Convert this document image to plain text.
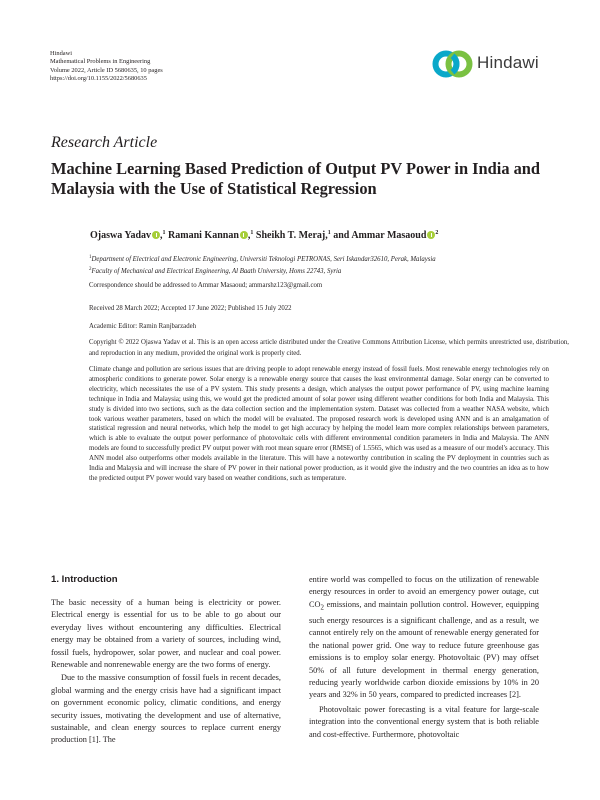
Hindawi
Mathematical Problems in Engineering
Volume 2022, Article ID 5680635, 10 pages
https://doi.org/10.1155/2022/5680635
Hindawi
Research Article
Machine Learning Based Prediction of Output PV Power in India and Malaysia with the Use of Statistical Regression
Ojaswa Yadav ,$^1$ Ramani Kannan ,$^1$ Sheikh T. Meraj,$^1$ and Ammar Masaoud $^2$
$^1$Department of Electrical and Electronic Engineering, Universiti Teknologi PETRONAS, Seri Iskandar32610, Perak, Malaysia
$^2$Faculty of Mechanical and Electrical Engineering, Al Baath University, Homs 22743, Syria
Correspondence should be addressed to Ammar Masaoud; ammarshz123@gmail.com
Received 28 March 2022; Accepted 17 June 2022; Published 15 July 2022
Academic Editor: Ramin Ranjbarzadeh
Copyright © 2022 Ojaswa Yadav et al. This is an open access article distributed under the Creative Commons Attribution License, which permits unrestricted use, distribution, and reproduction in any medium, provided the original work is properly cited.

Climate change and pollution are serious issues that are driving people to adopt renewable energy instead of fossil fuels. Most renewable energy technologies rely on atmospheric conditions to generate power. Solar energy is a renewable energy source that causes the least environmental damage. Solar energy can be converted to electricity, which necessitates the use of a PV system. This study presents a design, which analyses the output power performance of PV, using machine learning technique in India and Malaysia; using this, we would get the predicted amount of solar power using different weather conditions for both India and Malaysia. This study is divided into two sections, such as the data collection section and the implementation system. Dataset was collected from a weather NASA website, which took various weather parameters, based on which the model will be evaluated. The proposed research work is developed using ANN and is an amalgamation of statistical regression and neural networks, which help the model to get high accuracy by helping the model learn more complex relationships between parameters, which is able to evaluate the output power performance of photovoltaic cells with different environmental condition parameters in India and Malaysia. The ANN models are found to successfully predict PV output power with root mean square error (RMSE) of 1.5565, which was used as a measure of our model's accuracy. This ANN model also outperforms other models available in the literature. This will have a noteworthy contribution in scaling the PV deployment in countries such as India and Malaysia and will increase the share of PV power in their national power production, as it would give the industry and the two countries an idea as to how the predicted output PV power would vary based on weather conditions, such as temperature.

1. Introduction

The basic necessity of a human being is electricity or power. Electrical energy is essential for us to be able to go about our everyday lives without encountering any difficulties. Electrical energy may be obtained from a variety of sources, including wind, fossil fuels, hydropower, solar power, and nuclear and coal power. Renewable and nonrenewable energy are the two forms of energy.

Due to the massive consumption of fossil fuels in recent decades, global warming and the energy crisis have had a significant impact on government economic policy, climatic conditions, and energy security issues, motivating the development and use of alternative, sustainable, and clean energy sources to replace current energy production [1]. The

entire world was compelled to focus on the utilization of renewable energy resources in order to avoid an emergency power outage, cut $CO_2$ emissions, and maintain pollution control. However, equipping such energy resources is a significant challenge, and as a result, we cannot entirely rely on the amount of renewable energy generated for the national power grid. One way to reduce future greenhouse gas emissions is to employ solar energy. Photovoltaic (PV) may offset 50% of all future development in thermal energy generation, reducing yearly worldwide carbon dioxide emissions by 10% in 20 years and 32% in 50 years, compared to predicted increases [2].

Photovoltaic power forecasting is a vital feature for large-scale integration into the conventional energy system that is both reliable and cost-effective. Furthermore, photovoltaic
